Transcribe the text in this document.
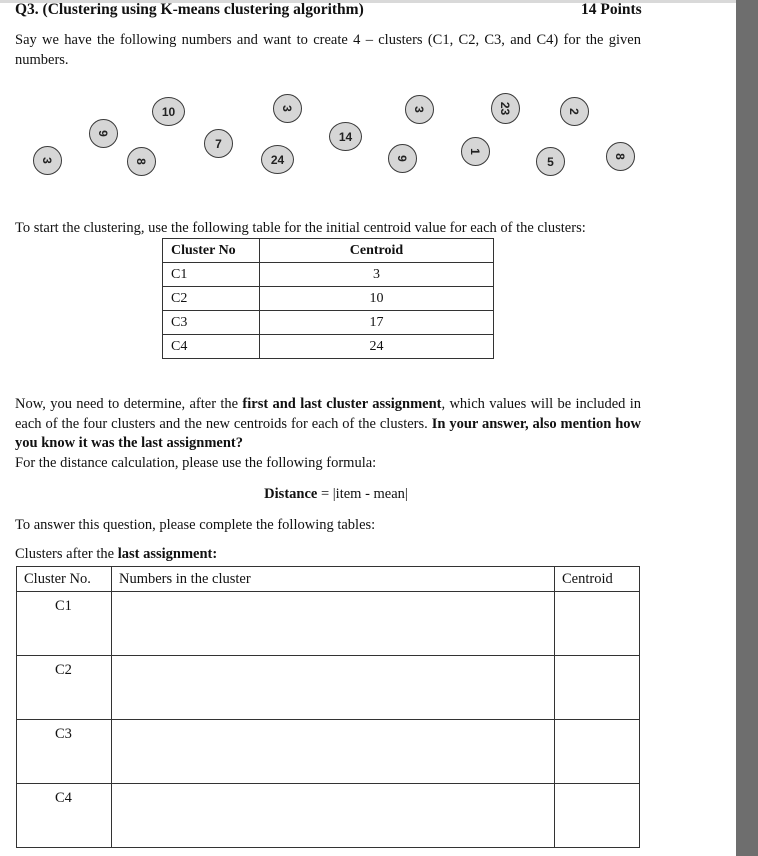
Q3. (Clustering using K-means clustering algorithm)	14 Points
Say we have the following numbers and want to create 4 – clusters (C1, C2, C3, and C4) for the given numbers.
3
9
10
8
7
24
3
14
3
9
1
23
5
2
8
To start the clustering, use the following table for the initial centroid value for each of the clusters:
Cluster No	Centroid
C1	3
C2	10
C3	17
C4	24
Now, you need to determine, after the first and last cluster assignment, which values will be included in each of the four clusters and the new centroids for each of the clusters. In your answer, also mention how you know it was the last assignment?
For the distance calculation, please use the following formula:
Distance = |item - mean|
To answer this question, please complete the following tables:
Clusters after the last assignment:
Cluster No.	Numbers in the cluster	Centroid
C1		
C2		
C3		
C4		
